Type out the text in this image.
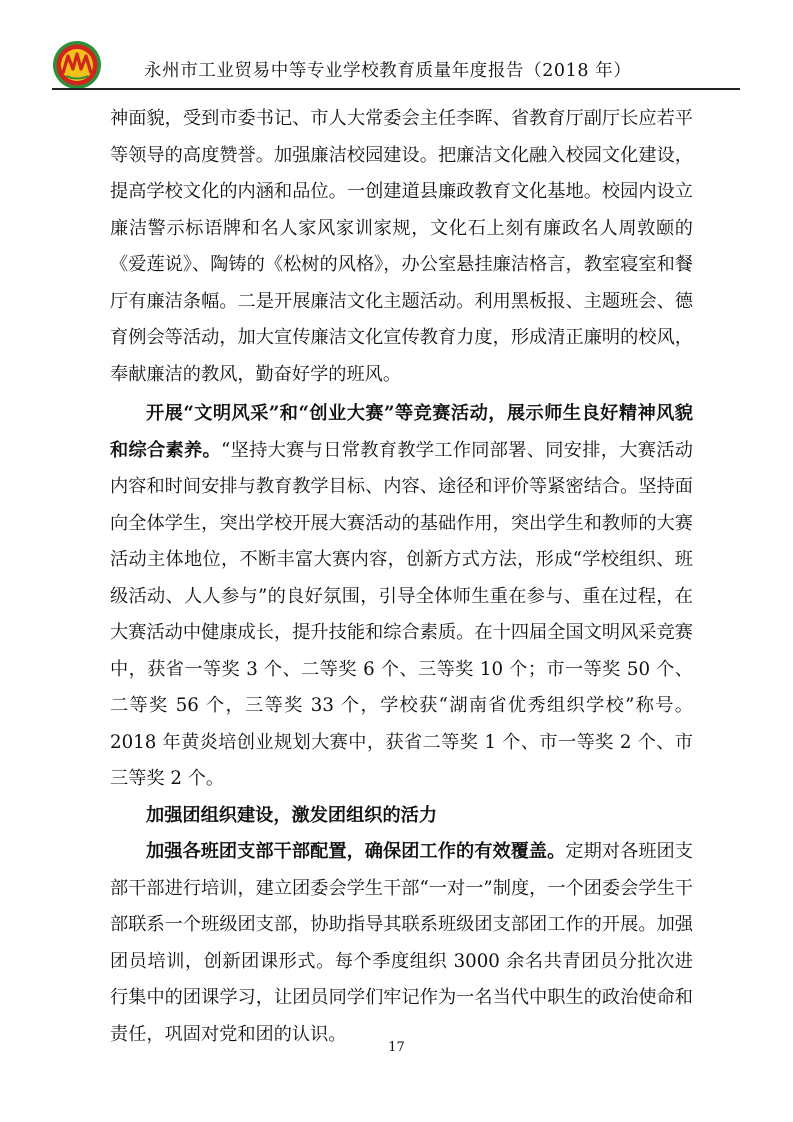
永州市工业贸易中等专业学校教育质量年度报告（2018 年）

神面貌，受到市委书记、市人大常委会主任李晖、省教育厅副厅长应若平等领导的高度赞誉。加强廉洁校园建设。把廉洁文化融入校园文化建设，提高学校文化的内涵和品位。一创建道县廉政教育文化基地。校园内设立廉洁警示标语牌和名人家风家训家规，文化石上刻有廉政名人周敦颐的《爱莲说》、陶铸的《松树的风格》，办公室悬挂廉洁格言，教室寝室和餐厅有廉洁条幅。二是开展廉洁文化主题活动。利用黑板报、主题班会、德育例会等活动，加大宣传廉洁文化宣传教育力度，形成清正廉明的校风，奉献廉洁的教风，勤奋好学的班风。

开展“文明风采”和“创业大赛”等竞赛活动，展示师生良好精神风貌和综合素养。“坚持大赛与日常教育教学工作同部署、同安排，大赛活动内容和时间安排与教育教学目标、内容、途径和评价等紧密结合。坚持面向全体学生，突出学校开展大赛活动的基础作用，突出学生和教师的大赛活动主体地位，不断丰富大赛内容，创新方式方法，形成“学校组织、班级活动、人人参与”的良好氛围，引导全体师生重在参与、重在过程，在大赛活动中健康成长，提升技能和综合素质。在十四届全国文明风采竞赛中，获省一等奖 3 个、二等奖 6 个、三等奖 10 个；市一等奖 50 个、二等奖 56 个，三等奖 33 个，学校获“湖南省优秀组织学校”称号。2018 年黄炎培创业规划大赛中，获省二等奖 1 个、市一等奖 2 个、市三等奖 2 个。

加强团组织建设，激发团组织的活力

加强各班团支部干部配置，确保团工作的有效覆盖。定期对各班团支部干部进行培训，建立团委会学生干部“一对一”制度，一个团委会学生干部联系一个班级团支部，协助指导其联系班级团支部团工作的开展。加强团员培训，创新团课形式。每个季度组织 3000 余名共青团员分批次进行集中的团课学习，让团员同学们牢记作为一名当代中职生的政治使命和责任，巩固对党和团的认识。

17
